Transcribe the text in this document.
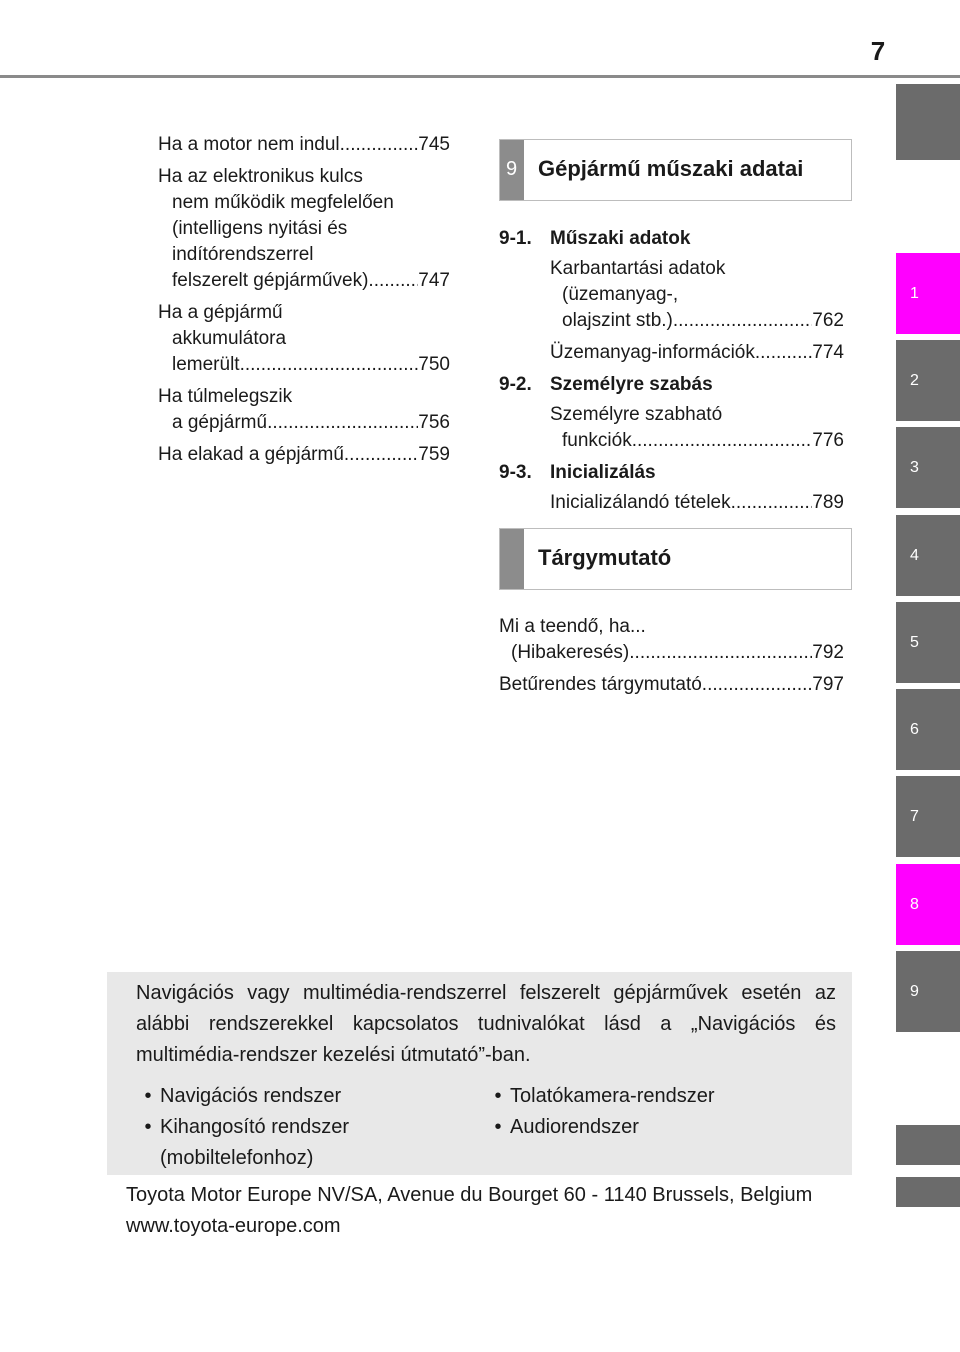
7
1
2
3
4
5
6
7
8
9
Ha a motor nem indul .....	745
Ha az elektronikus kulcs
nem működik megfelelően
(intelligens nyitási és
indítórendszerrel
felszerelt gépjárművek) .....	747
Ha a gépjármű
akkumulátora
lemerült .....	750
Ha túlmelegszik
a gépjármű .....	756
Ha elakad a gépjármű .....	759
9 Gépjármű műszaki adatai
9-1. Műszaki adatok
Karbantartási adatok
(üzemanyag-,
olajszint stb.) .....	762
Üzemanyag-információk .....	774
9-2. Személyre szabás
Személyre szabható
funkciók .....	776
9-3. Inicializálás
Inicializálandó tételek .....	789
Tárgymutató
Mi a teendő, ha...
(Hibakeresés) .....	792
Betűrendes tárgymutató .....	797
Navigációs vagy multimédia-rendszerrel felszerelt gépjárművek esetén az alábbi rendszerekkel kapcsolatos tudnivalókat lásd a „Navigációs és multimédia-rendszer kezelési útmutató”-ban.
• Navigációs rendszer
• Kihangosító rendszer
(mobiltelefonhoz)
• Tolatókamera-rendszer
• Audiorendszer
Toyota Motor Europe NV/SA, Avenue du Bourget 60 - 1140 Brussels, Belgium www.toyota-europe.com
